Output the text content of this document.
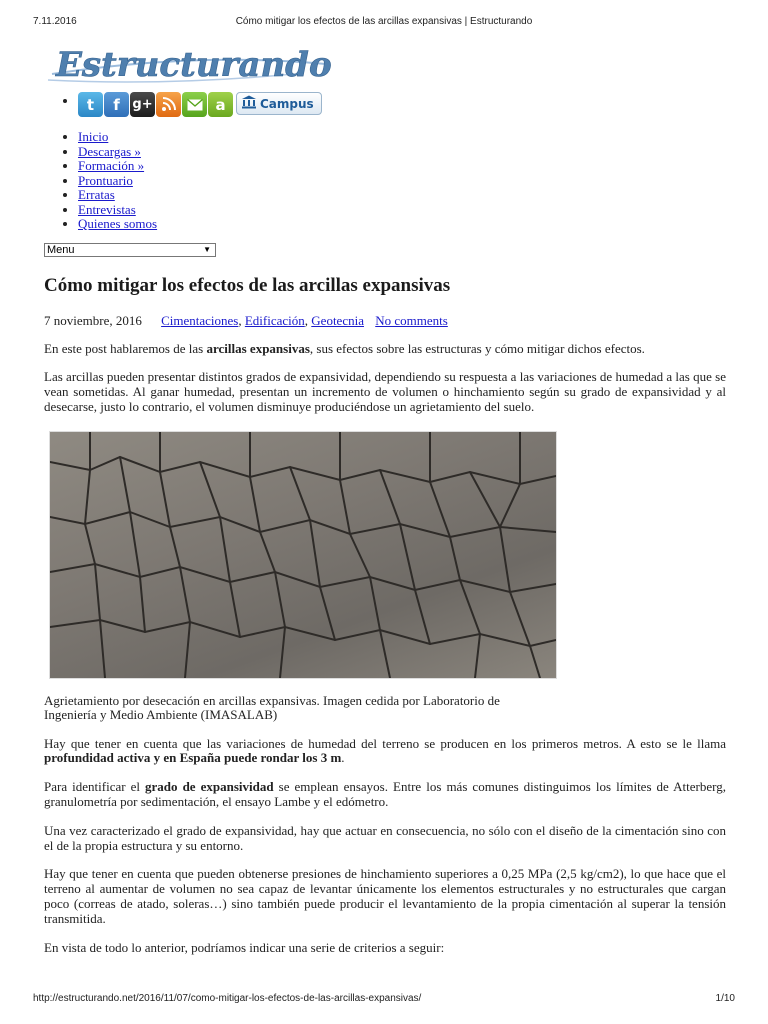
7.11.2016	Cómo mitigar los efectos de las arcillas expansivas | Estructurando
Estructurando
• t	f g+	a	Campus
• Inicio
• Descargas »
• Formación »
• Prontuario
• Erratas
• Entrevistas
• Quienes somos
Menu	▼
Cómo mitigar los efectos de las arcillas expansivas
7 noviembre, 2016 Cimentaciones, Edificación, Geotecnia No comments

En este post hablaremos de las arcillas expansivas, sus efectos sobre las estructuras y cómo mitigar dichos efectos.

Las arcillas pueden presentar distintos grados de expansividad, dependiendo su respuesta a las variaciones de humedad a las que se vean sometidas. Al ganar humedad, presentan un incremento de volumen o hinchamiento según su grado de expansividad y al desecarse, justo lo contrario, el volumen disminuye produciéndose un agrietamiento del suelo.

Agrietamiento por desecación en arcillas expansivas. Imagen cedida por Laboratorio de Ingeniería y Medio Ambiente (IMASALAB)

Hay que tener en cuenta que las variaciones de humedad del terreno se producen en los primeros metros. A esto se le llama profundidad activa y en España puede rondar los 3 m.

Para identificar el grado de expansividad se emplean ensayos. Entre los más comunes distinguimos los límites de Atterberg, granulometría por sedimentación, el ensayo Lambe y el edómetro.

Una vez caracterizado el grado de expansividad, hay que actuar en consecuencia, no sólo con el diseño de la cimentación sino con el de la propia estructura y su entorno.

Hay que tener en cuenta que pueden obtenerse presiones de hinchamiento superiores a 0,25 MPa (2,5 kg/cm2), lo que hace que el terreno al aumentar de volumen no sea capaz de levantar únicamente los elementos estructurales y no estructurales que cargan poco (correas de atado, soleras…) sino también puede producir el levantamiento de la propia cimentación al superar la tensión transmitida.

En vista de todo lo anterior, podríamos indicar una serie de criterios a seguir:

http://estructurando.net/2016/11/07/como-mitigar-los-efectos-de-las-arcillas-expansivas/	1/10
